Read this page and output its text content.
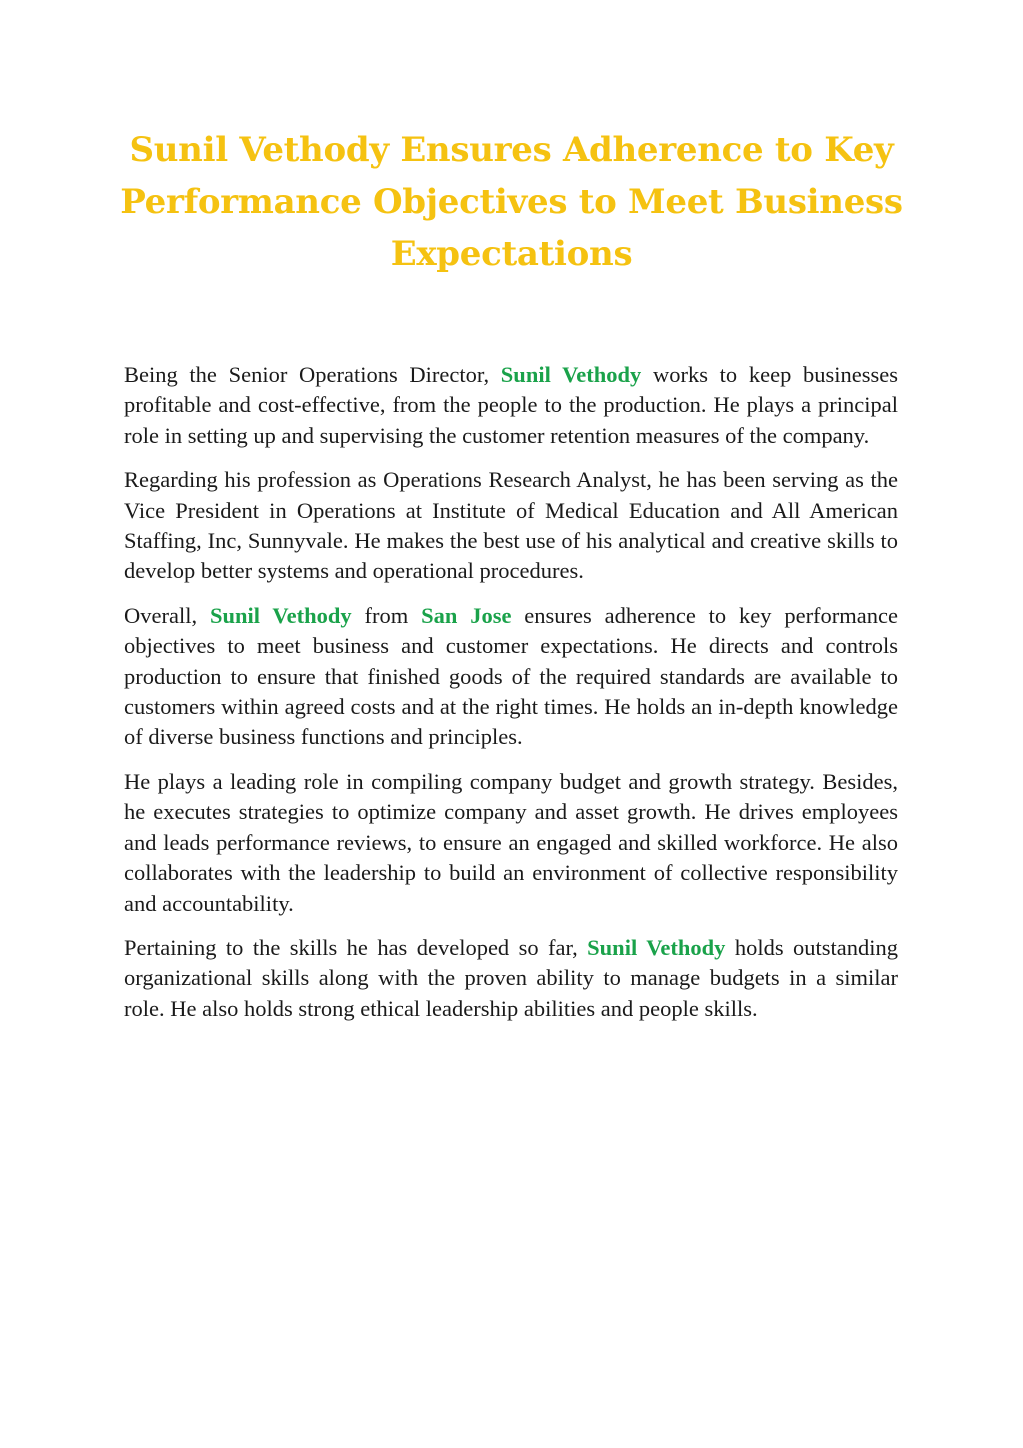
Sunil Vethody Ensures Adherence to Key Performance Objectives to Meet Business Expectations

Being the Senior Operations Director, Sunil Vethody works to keep businesses profitable and cost-effective, from the people to the production. He plays a principal role in setting up and supervising the customer retention measures of the company.

Regarding his profession as Operations Research Analyst, he has been serving as the Vice President in Operations at Institute of Medical Education and All American Staffing, Inc, Sunnyvale. He makes the best use of his analytical and creative skills to develop better systems and operational procedures.

Overall, Sunil Vethody from San Jose ensures adherence to key performance objectives to meet business and customer expectations. He directs and controls production to ensure that finished goods of the required standards are available to customers within agreed costs and at the right times. He holds an in-depth knowledge of diverse business functions and principles.

He plays a leading role in compiling company budget and growth strategy. Besides, he executes strategies to optimize company and asset growth. He drives employees and leads performance reviews, to ensure an engaged and skilled workforce. He also collaborates with the leadership to build an environment of collective responsibility and accountability.

Pertaining to the skills he has developed so far, Sunil Vethody holds outstanding organizational skills along with the proven ability to manage budgets in a similar role. He also holds strong ethical leadership abilities and people skills.
